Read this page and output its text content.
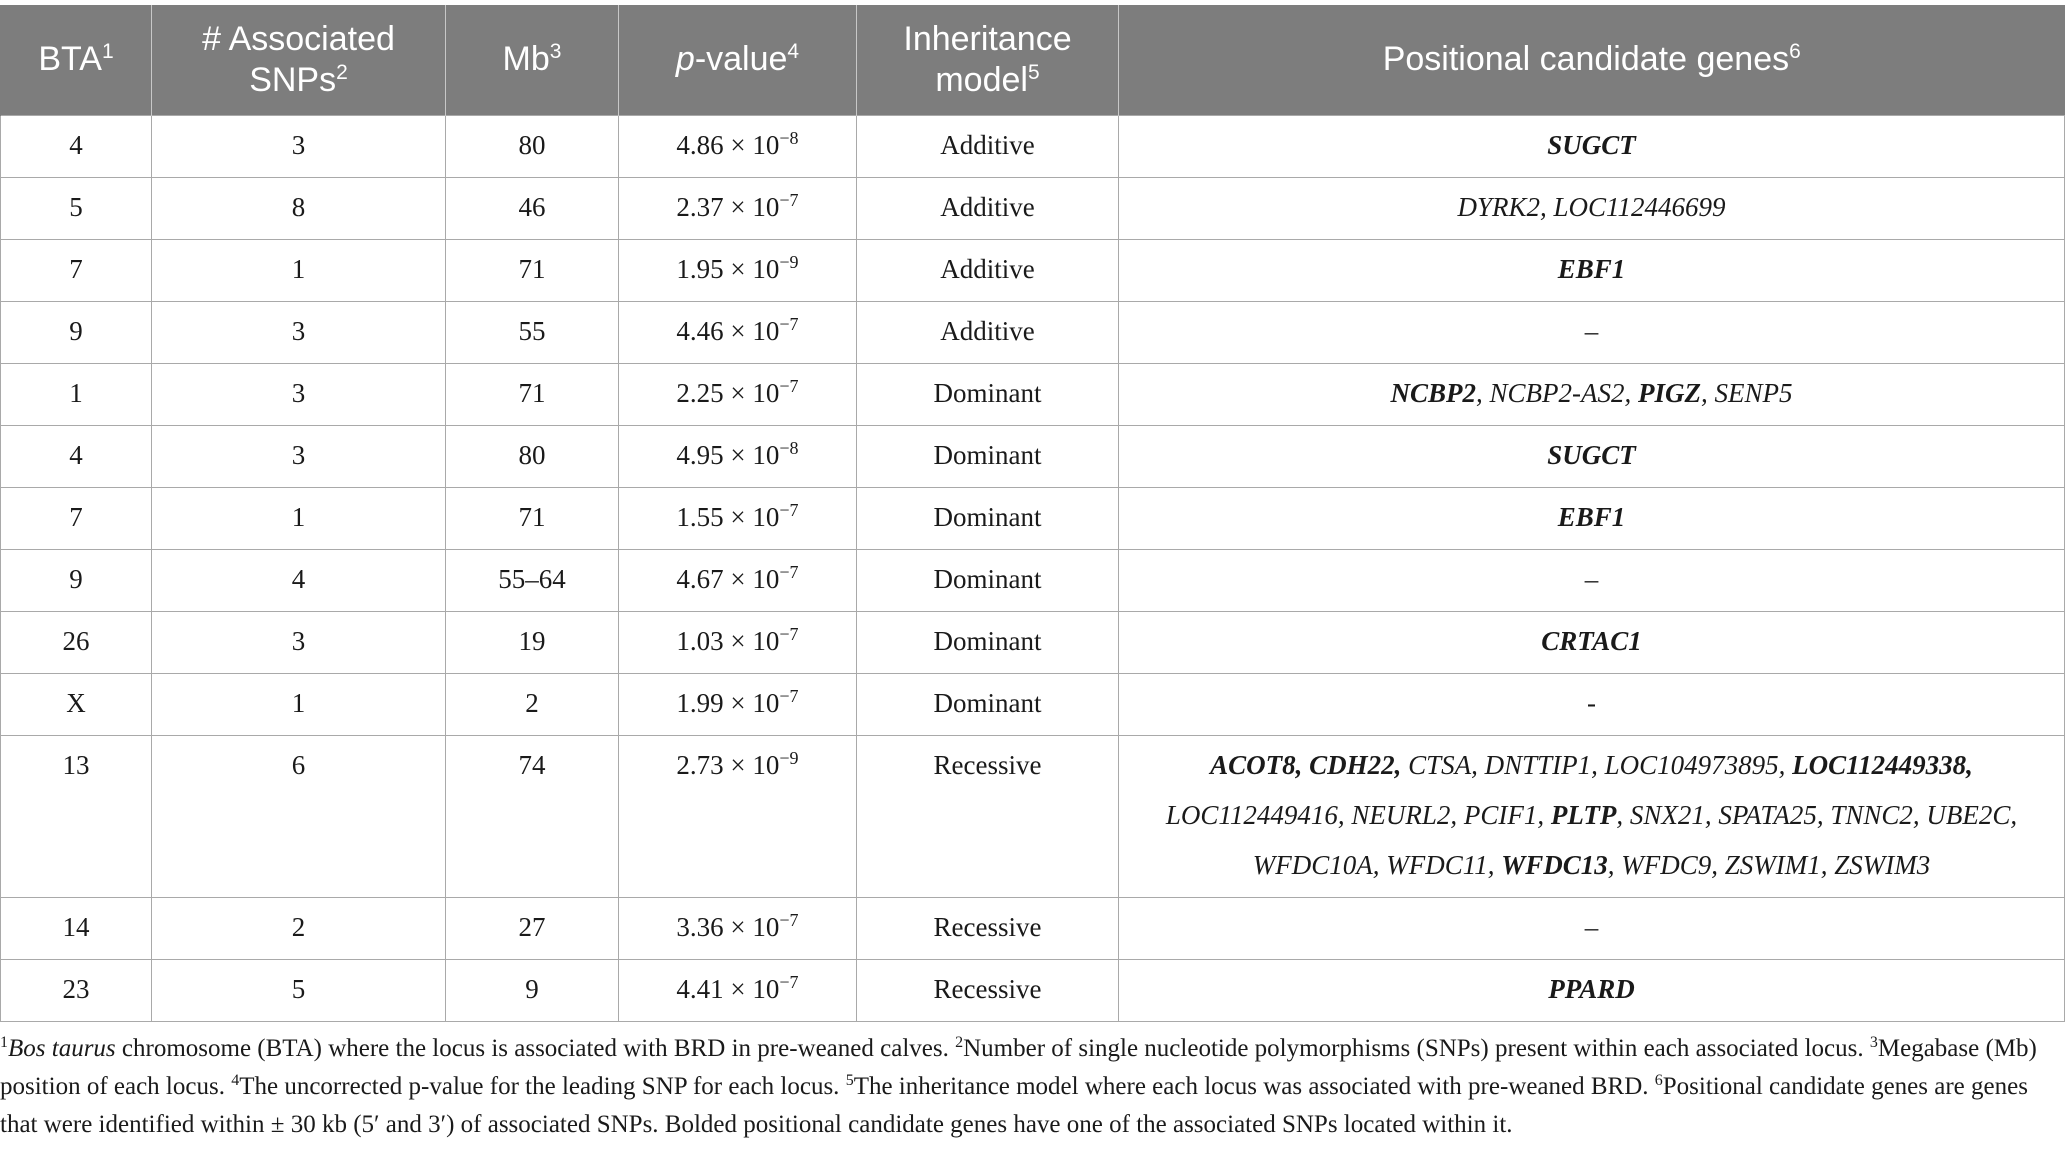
BTA$^1$	# Associated SNPs$^2$	Mb$^3$	p-value$^4$	Inheritance model$^5$	Positional candidate genes$^6$
4	3	80	$4.86 \times 10^{-8}$	Additive	SUGCT
5	8	46	$2.37 \times 10^{-7}$	Additive	DYRK2, LOC112446699
7	1	71	$1.95 \times 10^{-9}$	Additive	EBF1
9	3	55	$4.46 \times 10^{-7}$	Additive	–
1	3	71	$2.25 \times 10^{-7}$	Dominant	NCBP2, NCBP2-AS2, PIGZ, SENP5
4	3	80	$4.95 \times 10^{-8}$	Dominant	SUGCT
7	1	71	$1.55 \times 10^{-7}$	Dominant	EBF1
9	4	55–64	$4.67 \times 10^{-7}$	Dominant	–
26	3	19	$1.03 \times 10^{-7}$	Dominant	CRTAC1
X	1	2	$1.99 \times 10^{-7}$	Dominant	-
13	6	74	$2.73 \times 10^{-9}$	Recessive	ACOT8, CDH22, CTSA, DNTTIP1, LOC104973895, LOC112449338, LOC112449416, NEURL2, PCIF1, PLTP, SNX21, SPATA25, TNNC2, UBE2C, WFDC10A, WFDC11, WFDC13, WFDC9, ZSWIM1, ZSWIM3
14	2	27	$3.36 \times 10^{-7}$	Recessive	–
23	5	9	$4.41 \times 10^{-7}$	Recessive	PPARD
$^1$Bos taurus chromosome (BTA) where the locus is associated with BRD in pre-weaned calves. $^2$Number of single nucleotide polymorphisms (SNPs) present within each associated locus. $^3$Megabase (Mb) position of each locus. $^4$The uncorrected p-value for the leading SNP for each locus. $^5$The inheritance model where each locus was associated with pre-weaned BRD. $^6$Positional candidate genes are genes that were identified within ± 30 kb (5′ and 3′) of associated SNPs. Bolded positional candidate genes have one of the associated SNPs located within it.
